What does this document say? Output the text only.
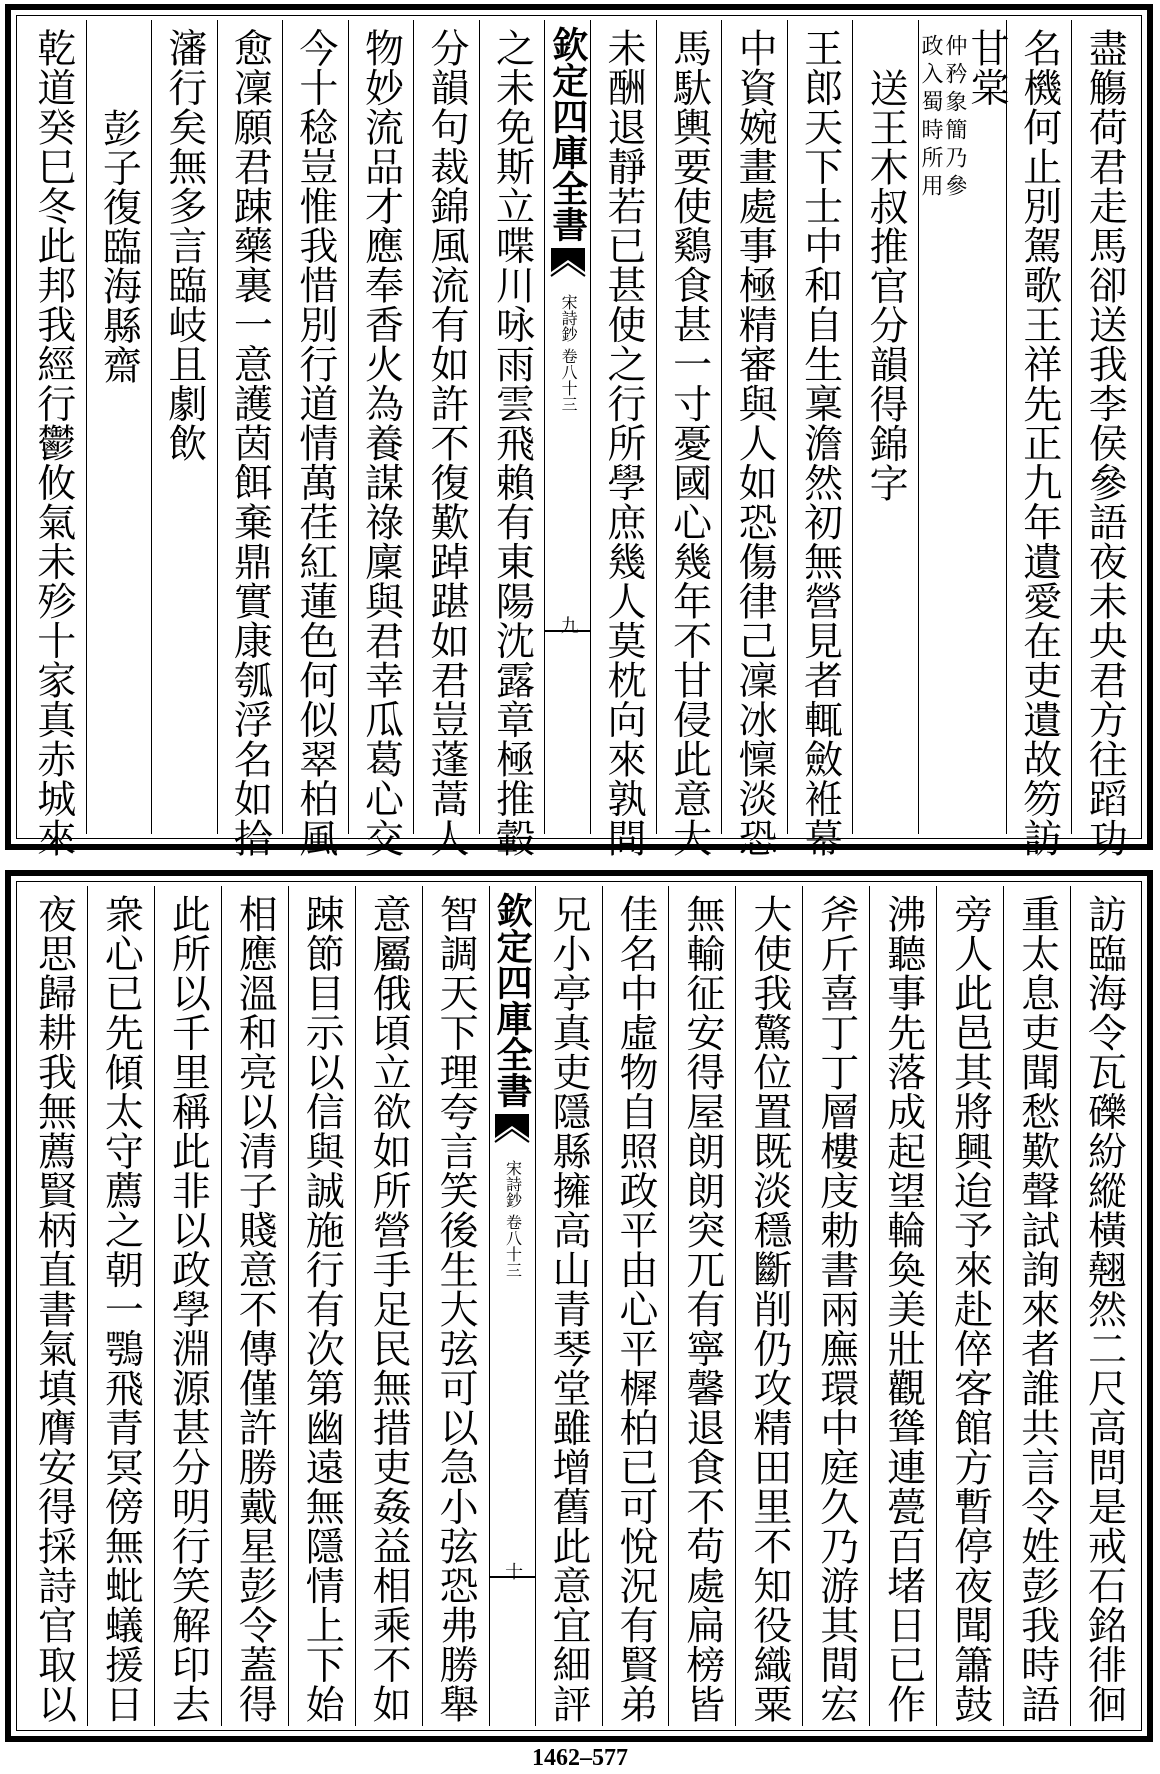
盡觴荷君走馬卻送我李侯參語夜未央君方往蹈功
名機何止別駕歌王祥先正九年遺愛在吏遺故笏訪
甘棠
仲矜象簡乃參
政入蜀時所用
送王木叔推官分韻得錦字
王郎天下士中和自生稟澹然初無營見者輒斂袵幕
中資婉畫處事極精審與人如恐傷律己凜冰懍淡恐
馬馱輿要使鷄食甚一寸憂國心幾年不甘侵此意大
未酬退靜若已甚使之行所學庶幾人莫枕向來孰間
欽定四庫全書
宋詩鈔
卷八十三
九
之未免斯立喋川咏雨雲飛賴有東陽沈露章極推轂
分韻句裁錦風流有如許不復歎踔踸如君豈蓬蒿人
物妙流品才應奉香火為養謀祿廩與君幸瓜葛心交
今十稔豈惟我惜別行道情萬荏紅蓮色何似翠柏風
愈凜願君踈藥裏一意護茵餌棄鼎實康瓠浮名如拾
瀋行矣無多言臨岐且劇飲
彭子復臨海縣齋
乾道癸巳冬此邦我經行鬱攸氣未殄十家真赤城來
訪臨海令瓦礫紛縱橫翹然二尺高問是戒石銘徘徊
重太息吏聞愁歎聲試詢來者誰共言令姓彭我時語
旁人此邑其將興迨予來赴倅客館方暫停夜聞簫鼓
沸聽事先落成起望輪奐美壯觀聳連甍百堵日已作
斧斤喜丁丁層樓庋勅書兩廡環中庭久乃游其間宏
大使我驚位置既淡穩斷削仍攻精田里不知役織粟
無輸征安得屋朗朗突兀有寧馨退食不苟處扁榜皆
佳名中虛物自照政平由心平樨柏已可悅況有賢弟
兄小亭真吏隱縣擁高山青琴堂雖增舊此意宜細評
欽定四庫全書
宋詩鈔
卷八十三
十
智調天下理夸言笑後生大弦可以急小弦恐弗勝舉
意屬俄頃立欲如所營手足民無措吏姦益相乘不如
踈節目示以信與誠施行有次第幽遠無隱情上下始
相應溫和亮以清子賤意不傳僅許勝戴星彭令蓋得
此所以千里稱此非以政學淵源甚分明行笑解印去
衆心已先傾太守薦之朝一鶚飛青冥傍無蚍蟻援日
夜思歸耕我無薦賢柄直書氣填膺安得採詩官取以
1462–577
